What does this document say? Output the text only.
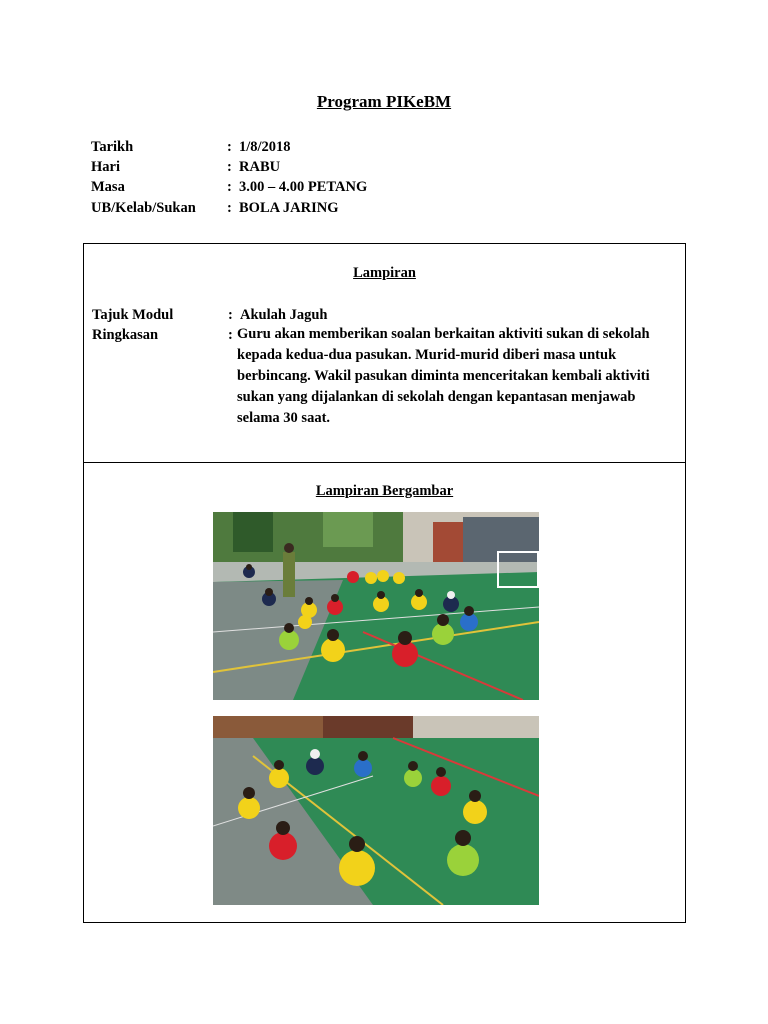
Program PIKeBM
Tarikh	: 1/8/2018
Hari	: RABU
Masa	: 3.00 – 4.00 PETANG
UB/Kelab/Sukan : BOLA JARING
Lampiran
Tajuk Modul	: Akulah Jaguh
Ringkasan	: Guru akan memberikan soalan berkaitan aktiviti sukan di sekolah
kepada kedua-dua pasukan. Murid-murid diberi masa untuk
berbincang. Wakil pasukan diminta menceritakan kembali aktiviti
sukan yang dijalankan di sekolah dengan kepantasan menjawab
selama 30 saat.
Lampiran Bergambar
